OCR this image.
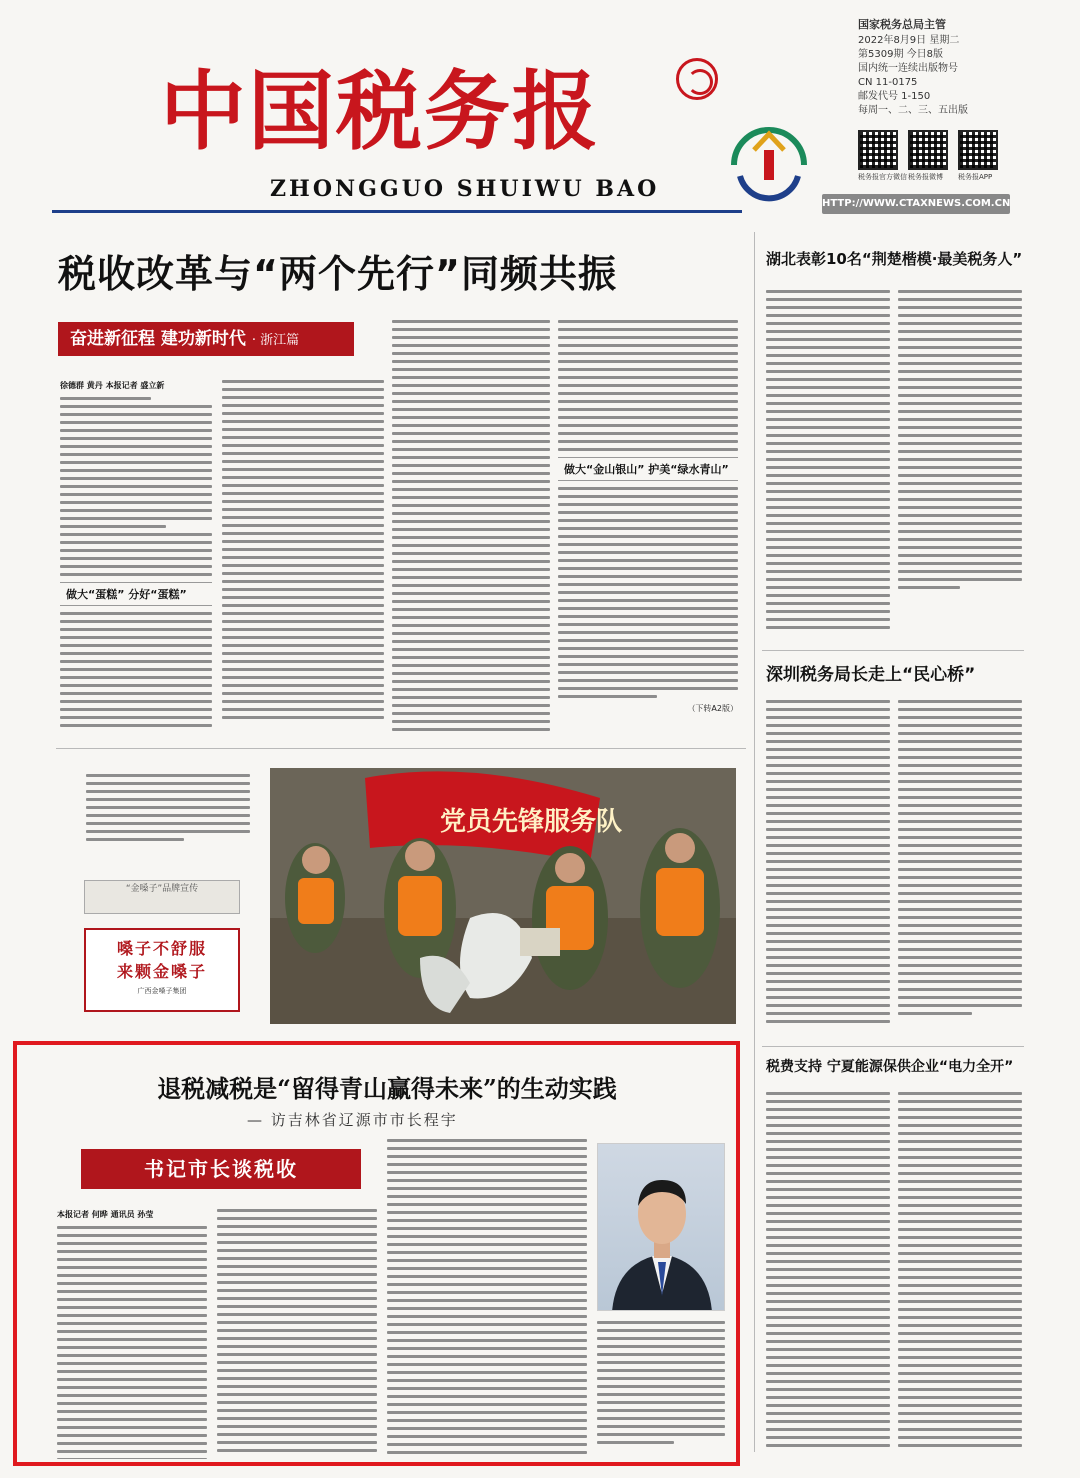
中国税务报
ZHONGGUO SHUIWU BAO
国家税务总局主管
2022年8月9日 星期二
第5309期 今日8版
国内统一连续出版物号
CN 11-0175
邮发代号 1-150
每周一、二、三、五出版
税务报官方微信 税务报微博	税务报APP
HTTP://WWW.CTAXNEWS.COM.CN
税收改革与“两个先行”同频共振
奋进新征程 建功新时代 · 浙江篇
徐德群 黄丹 本报记者 盛立新
做大“蛋糕” 分好“蛋糕”
做大“金山银山” 护美“绿水青山”
（下转A2版）
湖北表彰10名“荆楚楷模·最美税务人”
深圳税务局长走上“民心桥”
税费支持 宁夏能源保供企业“电力全开”
“金嗓子”品牌宣传
嗓子不舒服
来颗金嗓子
广西金嗓子集团
党员先锋服务队
退税减税是“留得青山赢得未来”的生动实践
— 访吉林省辽源市市长程宇
书记市长谈税收
本报记者 何晔 通讯员 孙莹
